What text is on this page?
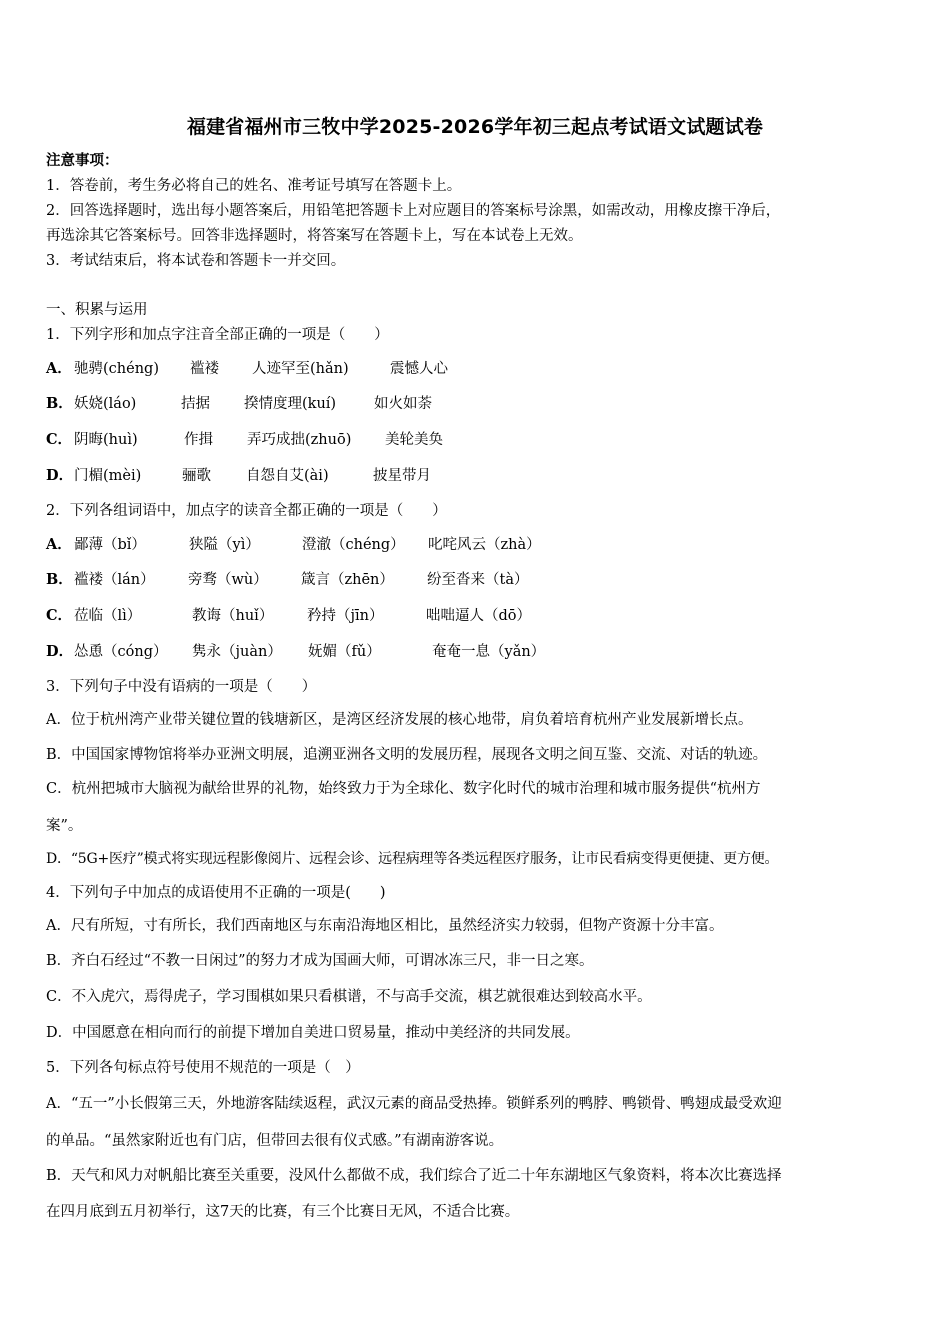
福建省福州市三牧中学2025-2026学年初三起点考试语文试题试卷
注意事项：
1．答卷前，考生务必将自己的姓名、准考证号填写在答题卡上。
2．回答选择题时，选出每小题答案后，用铅笔把答题卡上对应题目的答案标号涂黑，如需改动，用橡皮擦干净后，
再选涂其它答案标号。回答非选择题时，将答案写在答题卡上，写在本试卷上无效。
3．考试结束后，将本试卷和答题卡一并交回。
一、积累与运用
1．下列字形和加点字注音全部正确的一项是（　　）
A． 驰骋(chéng) 褴褛 人迹罕至(hǎn)	震憾人心
B．妖娆(láo)	拮据 揆情度理(kuí)	如火如荼
C． 阴晦(huì)	作揖 弄巧成拙(zhuō) 美轮美奂
D．门楣(mèi)	骊歌 自怨自艾(ài)	披星带月
2．下列各组词语中，加点字的读音全都正确的一项是（　　）
A． 鄙薄（bǐ）	狭隘（yì）	澄澈（chéng） 叱咤风云（zhà）
B．褴褛（lán） 旁骛（wù） 箴言（zhēn） 纷至沓来（tà）
C． 莅临（lì）	教诲（huǐ） 矜持（jīn）	咄咄逼人（dō）
D．怂恿（cóng） 隽永（juàn） 妩媚（fǔ）	奄奄一息（yǎn）
3．下列句子中没有语病的一项是（　　）
A．位于杭州湾产业带关键位置的钱塘新区，是湾区经济发展的核心地带，肩负着培育杭州产业发展新增长点。
B．中国国家博物馆将举办亚洲文明展，追溯亚洲各文明的发展历程，展现各文明之间互鉴、交流、对话的轨迹。
C．杭州把城市大脑视为献给世界的礼物，始终致力于为全球化、数字化时代的城市治理和城市服务提供“杭州方
案”。
D．“5G+医疗”模式将实现远程影像阅片、远程会诊、远程病理等各类远程医疗服务，让市民看病变得更便捷、更方便。
4．下列句子中加点的成语使用不正确的一项是(　　)
A．尺有所短，寸有所长，我们西南地区与东南沿海地区相比，虽然经济实力较弱，但物产资源十分丰富。
B．齐白石经过“不教一日闲过”的努力才成为国画大师，可谓冰冻三尺，非一日之寒。
C．不入虎穴，焉得虎子，学习围棋如果只看棋谱，不与高手交流，棋艺就很难达到较高水平。
D．中国愿意在相向而行的前提下增加自美进口贸易量，推动中美经济的共同发展。
5．下列各句标点符号使用不规范的一项是（　）
A．“五一”小长假第三天，外地游客陆续返程，武汉元素的商品受热捧。锁鲜系列的鸭脖、鸭锁骨、鸭翅成最受欢迎
的单品。“虽然家附近也有门店，但带回去很有仪式感。”有湖南游客说。
B．天气和风力对帆船比赛至关重要，没风什么都做不成，我们综合了近二十年东湖地区气象资料，将本次比赛选择
在四月底到五月初举行，这7天的比赛，有三个比赛日无风，不适合比赛。
